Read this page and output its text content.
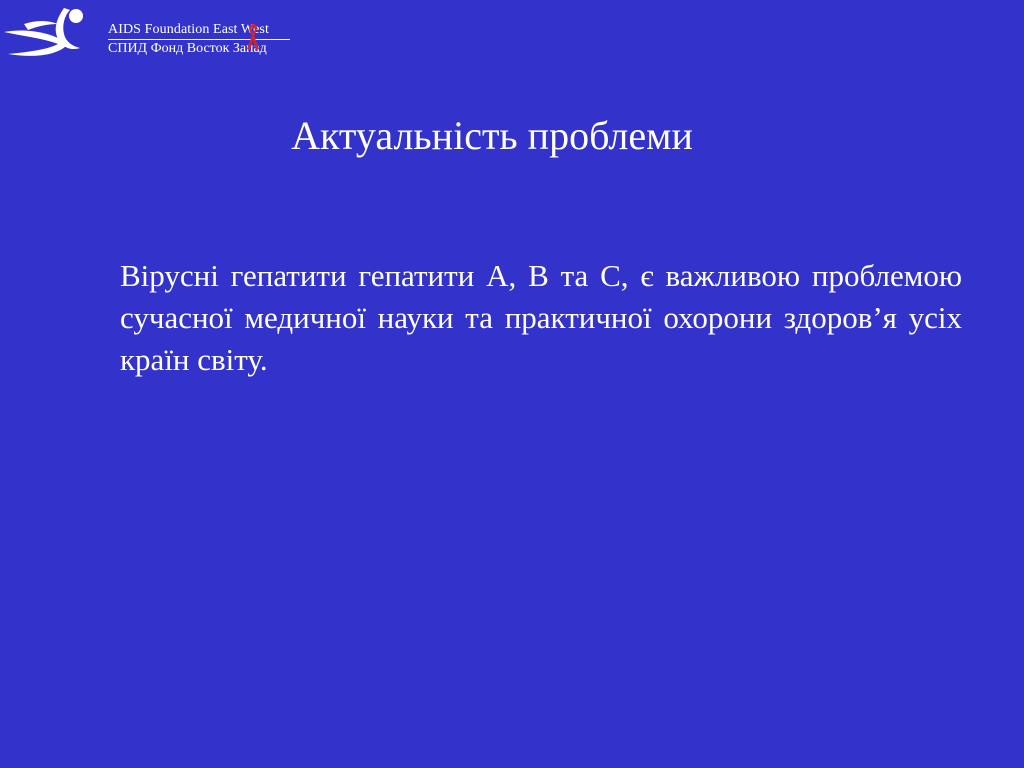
AIDS Foundation East West
СПИД Фонд Восток Запад
Актуальність проблеми

Вірусні гепатити гепатити А, В та С, є важливою проблемою сучасної медичної науки та практичної охорони здоров’я усіх країн світу.
